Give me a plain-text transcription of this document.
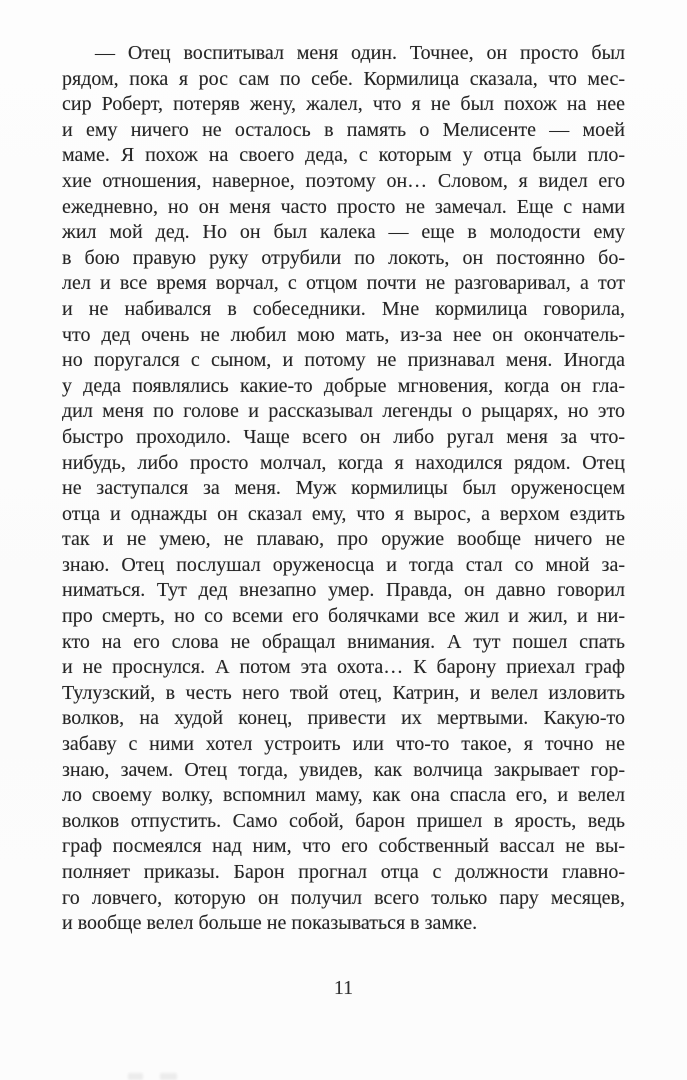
— Отец воспитывал меня один. Точнее, он просто был
рядом, пока я рос сам по себе. Кормилица сказала, что мес-
сир Роберт, потеряв жену, жалел, что я не был похож на нее
и ему ничего не осталось в память о Мелисенте — моей
маме. Я похож на своего деда, с которым у отца были пло-
хие отношения, наверное, поэтому он… Словом, я видел его
ежедневно, но он меня часто просто не замечал. Еще с нами
жил мой дед. Но он был калека — еще в молодости ему
в бою правую руку отрубили по локоть, он постоянно бо-
лел и все время ворчал, с отцом почти не разговаривал, а тот
и не набивался в собеседники. Мне кормилица говорила,
что дед очень не любил мою мать, из-за нее он окончатель-
но поругался с сыном, и потому не признавал меня. Иногда
у деда появлялись какие-то добрые мгновения, когда он гла-
дил меня по голове и рассказывал легенды о рыцарях, но это
быстро проходило. Чаще всего он либо ругал меня за что-
нибудь, либо просто молчал, когда я находился рядом. Отец
не заступался за меня. Муж кормилицы был оруженосцем
отца и однажды он сказал ему, что я вырос, а верхом ездить
так и не умею, не плаваю, про оружие вообще ничего не
знаю. Отец послушал оруженосца и тогда стал со мной за-
ниматься. Тут дед внезапно умер. Правда, он давно говорил
про смерть, но со всеми его болячками все жил и жил, и ни-
кто на его слова не обращал внимания. А тут пошел спать
и не проснулся. А потом эта охота… К барону приехал граф
Тулузский, в честь него твой отец, Катрин, и велел изловить
волков, на худой конец, привести их мертвыми. Какую-то
забаву с ними хотел устроить или что-то такое, я точно не
знаю, зачем. Отец тогда, увидев, как волчица закрывает гор-
ло своему волку, вспомнил маму, как она спасла его, и велел
волков отпустить. Само собой, барон пришел в ярость, ведь
граф посмеялся над ним, что его собственный вассал не вы-
полняет приказы. Барон прогнал отца с должности главно-
го ловчего, которую он получил всего только пару месяцев,
и вообще велел больше не показываться в замке.
11
